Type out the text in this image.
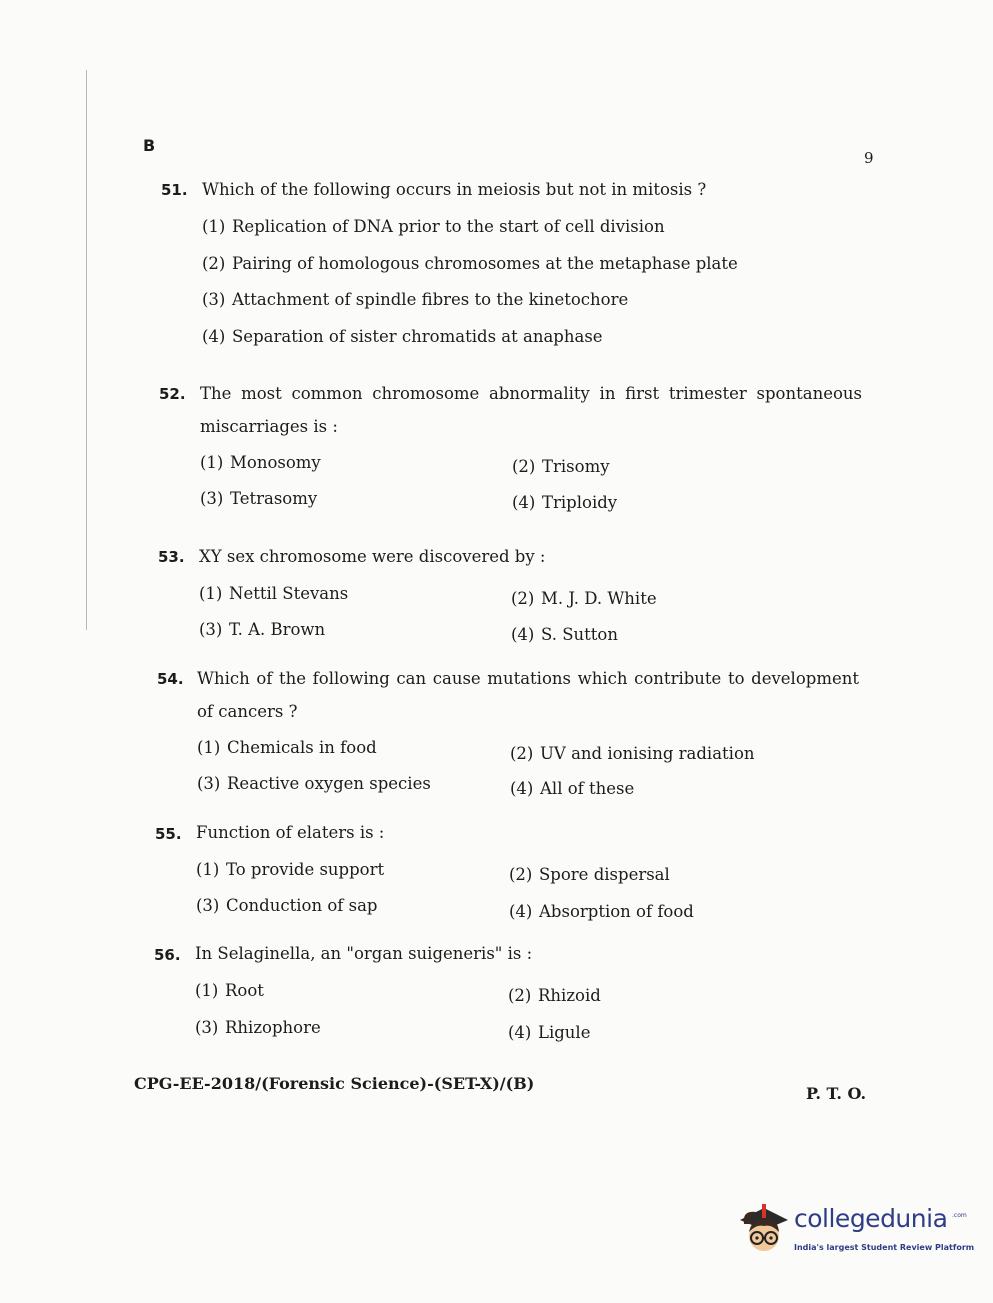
B
9
51. Which of the following occurs in meiosis but not in mitosis ?
(1) Replication of DNA prior to the start of cell division
(2) Pairing of homologous chromosomes at the metaphase plate
(3) Attachment of spindle fibres to the kinetochore
(4) Separation of sister chromatids at anaphase
52. The most common chromosome abnormality in first trimester spontaneous miscarriages is :
(1) Monosomy	(2) Trisomy
(3) Tetrasomy	(4) Triploidy
53. XY sex chromosome were discovered by :
(1) Nettil Stevans	(2) M. J. D. White
(3) T. A. Brown	(4) S. Sutton
54. Which of the following can cause mutations which contribute to development of cancers ?
(1) Chemicals in food	(2) UV and ionising radiation
(3) Reactive oxygen species	(4) All of these
55. Function of elaters is :
(1) To provide support	(2) Spore dispersal
(3) Conduction of sap	(4) Absorption of food
56. In Selaginella, an "organ suigeneris" is :
(1) Root	(2) Rhizoid
(3) Rhizophore	(4) Ligule
CPG-EE-2018/(Forensic Science)-(SET-X)/(B)
P. T. O.
collegedunia .com
India's largest Student Review Platform
